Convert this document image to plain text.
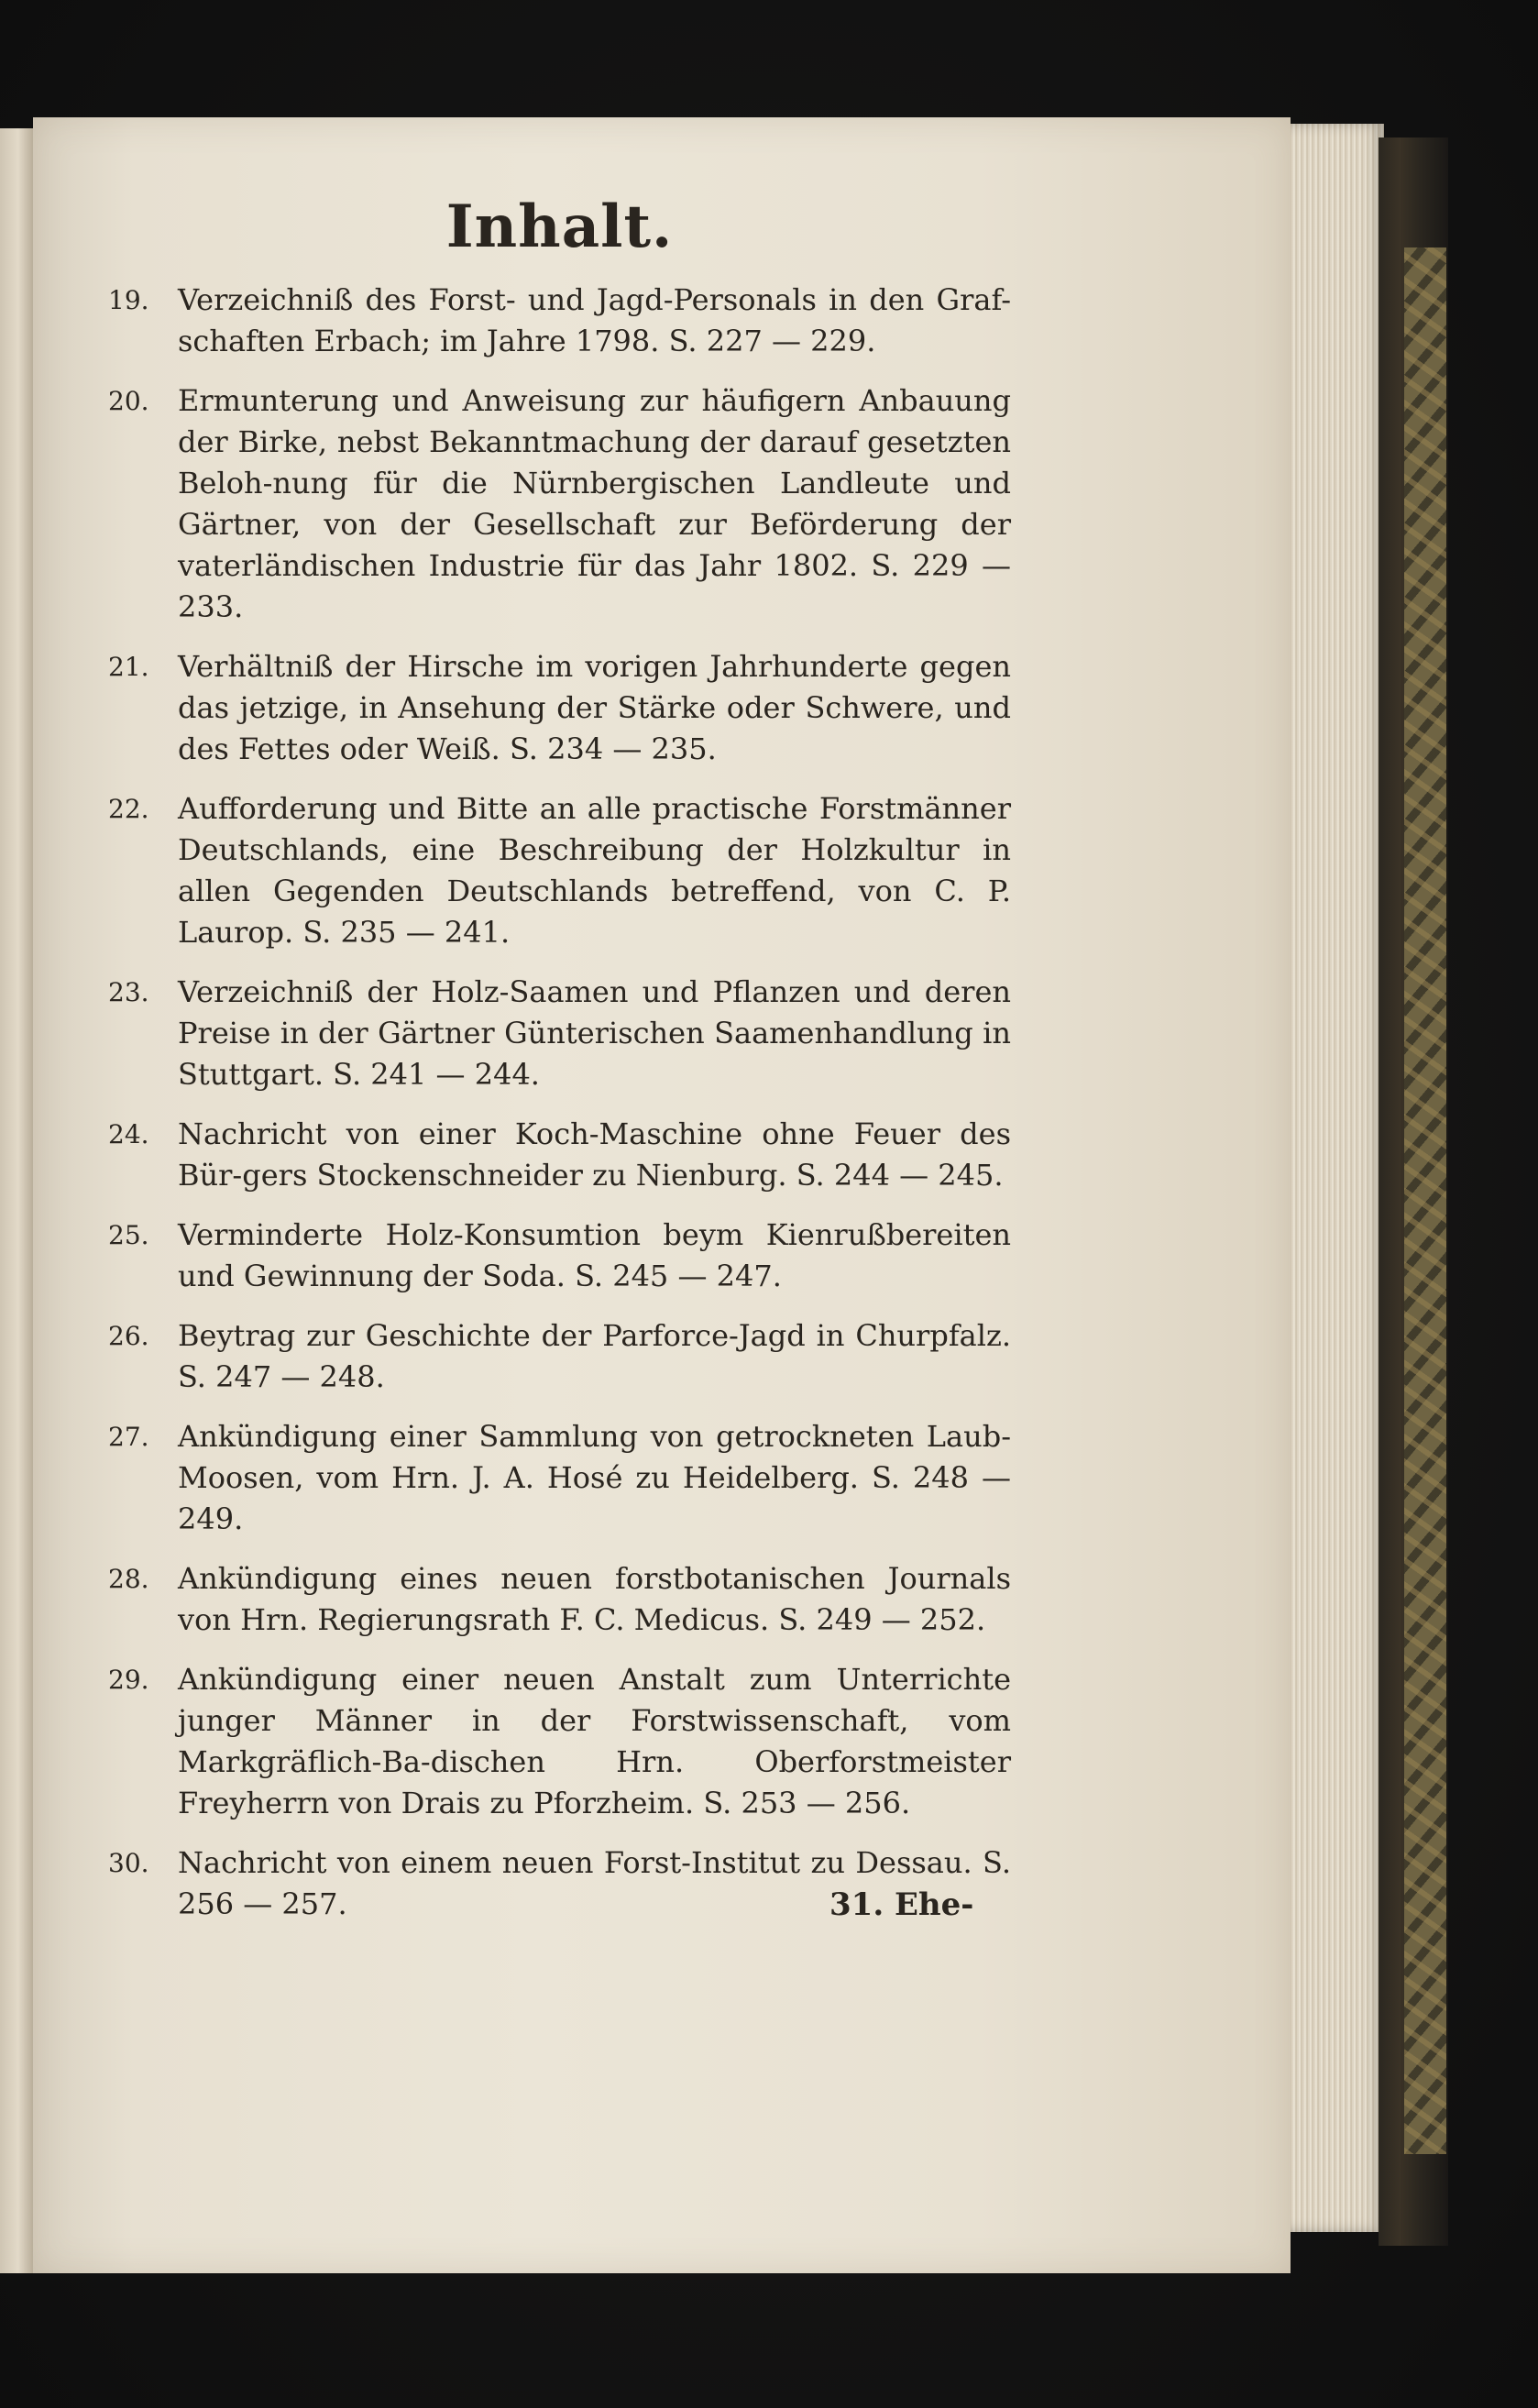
Inhalt.
19. Verzeichniß des Forst- und Jagd-Personals in den Graf-schaften Erbach; im Jahre 1798. S. 227 — 229.
20. Ermunterung und Anweisung zur häufigern Anbauung der Birke, nebst Bekanntmachung der darauf gesetzten Beloh-nung für die Nürnbergischen Landleute und Gärtner, von der Gesellschaft zur Beförderung der vaterländischen Industrie für das Jahr 1802. S. 229 — 233.
21. Verhältniß der Hirsche im vorigen Jahrhunderte gegen das jetzige, in Ansehung der Stärke oder Schwere, und des Fettes oder Weiß. S. 234 — 235.
22. Aufforderung und Bitte an alle practische Forstmänner Deutschlands, eine Beschreibung der Holzkultur in allen Gegenden Deutschlands betreffend, von C. P. Laurop. S. 235 — 241.
23. Verzeichniß der Holz-Saamen und Pflanzen und deren Preise in der Gärtner Günterischen Saamenhandlung in Stuttgart. S. 241 — 244.
24. Nachricht von einer Koch-Maschine ohne Feuer des Bür-gers Stockenschneider zu Nienburg. S. 244 — 245.
25. Verminderte Holz-Konsumtion beym Kienrußbereiten und Gewinnung der Soda. S. 245 — 247.
26. Beytrag zur Geschichte der Parforce-Jagd in Churpfalz. S. 247 — 248.
27. Ankündigung einer Sammlung von getrockneten Laub-Moosen, vom Hrn. J. A. Hosé zu Heidelberg. S. 248 — 249.
28. Ankündigung eines neuen forstbotanischen Journals von Hrn. Regierungsrath F. C. Medicus. S. 249 — 252.
29. Ankündigung einer neuen Anstalt zum Unterrichte junger Männer in der Forstwissenschaft, vom Markgräflich-Ba-dischen Hrn. Oberforstmeister Freyherrn von Drais zu Pforzheim. S. 253 — 256.
30. Nachricht von einem neuen Forst-Institut zu Dessau. S. 256 — 257.	31. Ehe-
